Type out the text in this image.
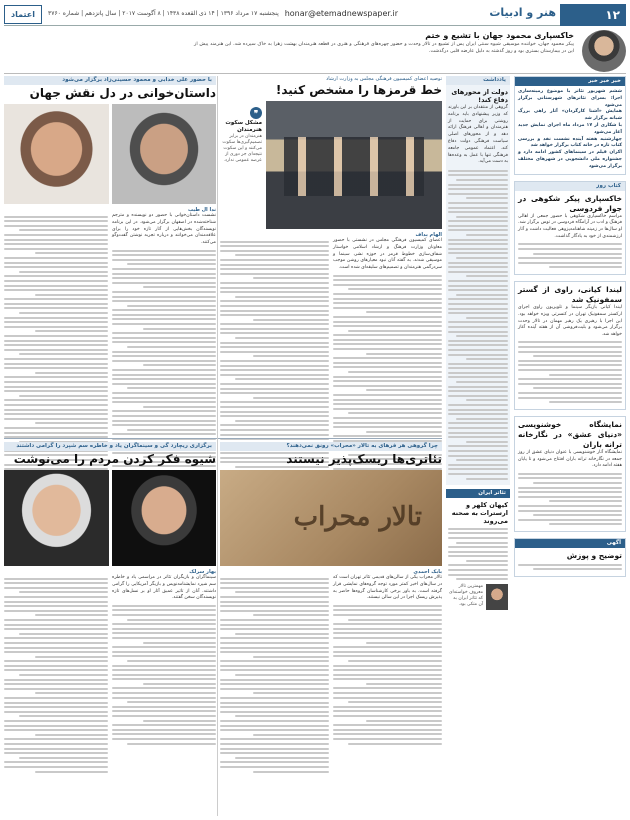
۱۲
هنر و ادبیات
honar@etemadnewspaper.ir
پنجشنبه ۱۷ مرداد ۱۳۹۶ | ۱۴ ذی القعده ۱۴۳۸ | ۸ آگوست ۲۰۱۷ | سال پانزدهم | شماره ۳۷۶۰
اعتماد
خاکسپاری محمود جهان با تشیع و ختم
پیکر محمود جهان، خواننده موسیقی شیوه سنتی ایران پس از تشییع در تالار وحدت و حضور چهره‌های فرهنگی و هنری در قطعه هنرمندان بهشت زهرا به خاک سپرده شد. این هنرمند پیش از این در بیمارستان بستری بود و روز گذشته به دلیل عارضه قلبی درگذشت.
خبر خبر خبر
ششم شهریور تئاتر با موضوع زمینه‌سازی اجرا؛ بسرای تئاترهای شهرستانی برگزار می‌شود
همایش «آشنا کارگردان» آثار راهی بزرگ شبانه برگزار شد
با شکاری از ۱۷ مرداد ماه اجرای نمایش جدید آغاز می‌شود
چهارشنبه هفته آینده نشست نقد و بررسی کتاب تازه در خانه کتاب برگزار خواهد شد
اکران فیلم در سینماهای کشور ادامه دارد و جشنواره ملی دانشجویی در شهرهای مختلف برگزار می‌شود
کتاب روز
خاکسپاری پیکر شکوهی در جوار فردوسی
مراسم خاکسپاری شکوهی با حضور جمعی از اهالی فرهنگ و ادب در آرامگاه فردوسی در توس برگزار شد. او سال‌ها در زمینه شاهنامه‌پژوهی فعالیت داشت و آثار ارزشمندی از خود به یادگار گذاشت.
لیندا کیانی، راوی از گستر سمفونیک شد
لیندا کیانی بازیگر سینما و تلویزیون راوی اجرای ارکستر سمفونیک تهران در کنسرتی ویژه خواهد بود. این اجرا با رهبری یک رهبر مهمان در تالار وحدت برگزار می‌شود و بلیت‌فروشی آن از هفته آینده آغاز خواهد شد.
نمایشگاه خوشنویسی «دنیای عشق» در نگارخانه ترانه باران
نمایشگاه آثار خوشنویسی با عنوان دنیای عشق از روز جمعه در نگارخانه ترانه باران افتتاح می‌شود و تا پایان هفته ادامه دارد.
آگهی
توضیح و پوزش
یادداشت
دولت از محورهای دفاع کند!
گروهی از منتقدان بر این باورند که وزیر پیشنهادی باید برنامه روشنی برای حمایت از هنرمندان و اهالی فرهنگ ارائه دهد و از محورهای اصلی سیاست فرهنگی دولت دفاع کند. اعتماد عمومی جامعه فرهنگی تنها با عمل به وعده‌ها به دست می‌آید.
تئاتر ایران
کیهان کلهر و ارسترات به صحنه می‌روند
مهمترین تالار معروف خواسته‌ای که تئاتر ایران به آن متکی بود.
توصیه اعضای کمیسیون فرهنگی مجلس به وزارت ارشاد
خط قرمزها را مشخص کنید!
❞
مشکل سکوت هنرمندان
هنرمندان در برابر تصمیم‌گیری‌ها سکوت می‌کنند و این سکوت نتیجه‌ای جز دوری از عرصه عمومی ندارد.
الهام بداف
اعضای کمیسیون فرهنگی مجلس در نشستی با حضور معاونان وزارت فرهنگ و ارشاد اسلامی خواستار شفاف‌سازی خطوط قرمز در حوزه نشر، سینما و موسیقی شدند. به گفته آنان نبود معیارهای روشن موجب سردرگمی هنرمندان و تصمیم‌های سلیقه‌ای شده است.
با حضور علی خدابی و محمود حسینی‌زاد برگزار می‌شود
داستان‌خوانی در دل نقش جهان
ندا ال طیب
نشست داستان‌خوانی با حضور دو نویسنده و مترجم شناخته‌شده در اصفهان برگزار می‌شود. در این برنامه نویسندگان بخش‌هایی از آثار تازه خود را برای علاقه‌مندان می‌خوانند و درباره تجربه نوشتن گفت‌وگو می‌کنند.
چرا گروهی هر فرهای به تالار «محراب» رونق نمی‌دهند؟
تئاتری‌ها ریسک‌پذیر نیستند
تالار محراب
بابک احمدی
تالار محراب یکی از سالن‌های قدیمی تئاتر تهران است که در سال‌های اخیر کمتر مورد توجه گروه‌های نمایشی قرار گرفته است. به باور برخی کارشناسان گروه‌ها حاضر به پذیرش ریسک اجرا در این سالن نیستند.
برگزاری ریچارد گی و سینماگران یاد و خاطره سم شپرد را گرامی داشتند
شیوه فکر کردن مردم را می‌نوشت
بهار سرلک
سینماگران و بازیگران تئاتر در مراسمی یاد و خاطره سم شپرد نمایشنامه‌نویس و بازیگر آمریکایی را گرامی داشتند. آنان از تاثیر عمیق آثار او بر نسل‌های تازه نویسندگان سخن گفتند.
